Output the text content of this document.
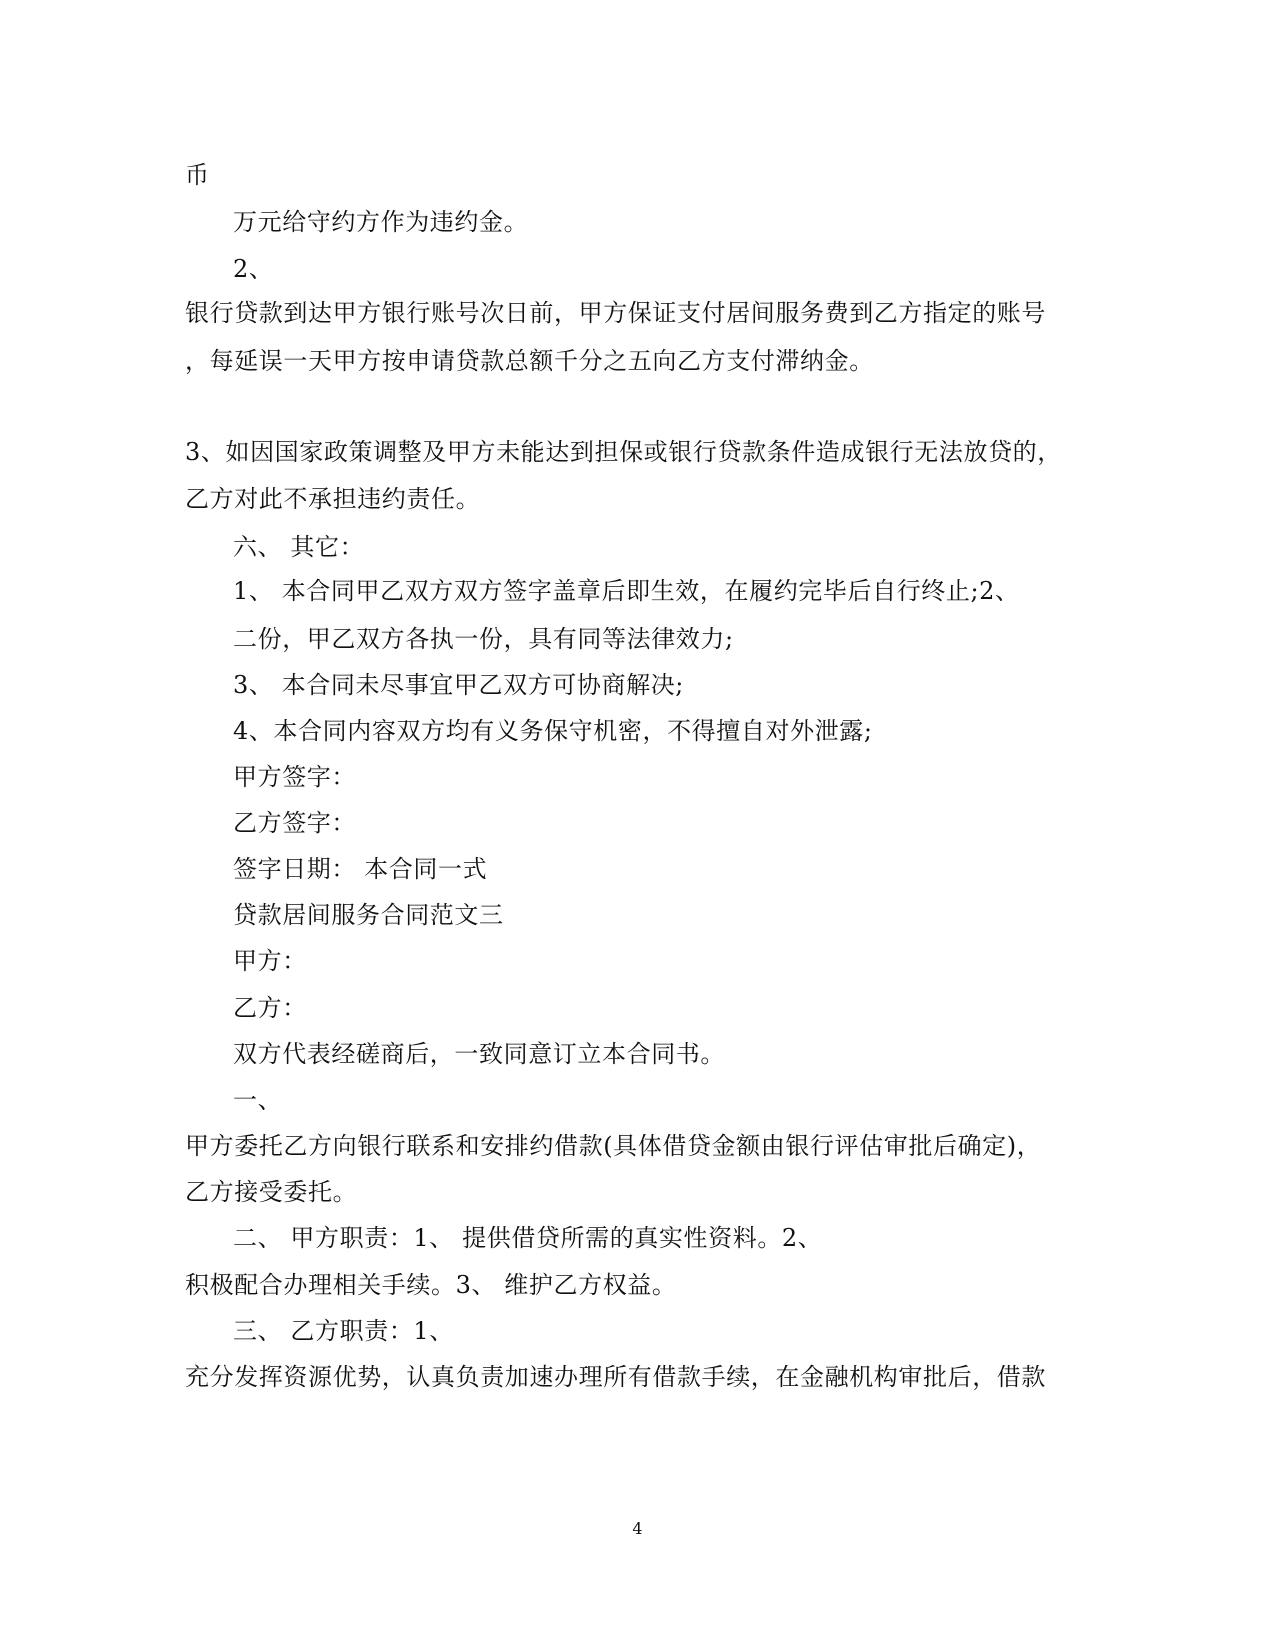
币
万元给守约方作为违约金。
2、
银行贷款到达甲方银行账号次日前，甲方保证支付居间服务费到乙方指定的账号
，每延误一天甲方按申请贷款总额千分之五向乙方支付滞纳金。
3、如因国家政策调整及甲方未能达到担保或银行贷款条件造成银行无法放贷的，
乙方对此不承担违约责任。
六、 其它：
1、 本合同甲乙双方双方签字盖章后即生效，在履约完毕后自行终止;2、
二份，甲乙双方各执一份，具有同等法律效力;
3、 本合同未尽事宜甲乙双方可协商解决;
4、本合同内容双方均有义务保守机密，不得擅自对外泄露;
甲方签字：
乙方签字：
签字日期： 本合同一式
贷款居间服务合同范文三
甲方：
乙方：
双方代表经磋商后，一致同意订立本合同书。
一、
甲方委托乙方向银行联系和安排约借款(具体借贷金额由银行评估审批后确定)，
乙方接受委托。
二、 甲方职责：1、 提供借贷所需的真实性资料。2、
积极配合办理相关手续。3、 维护乙方权益。
三、 乙方职责：1、
充分发挥资源优势，认真负责加速办理所有借款手续，在金融机构审批后，借款
4
